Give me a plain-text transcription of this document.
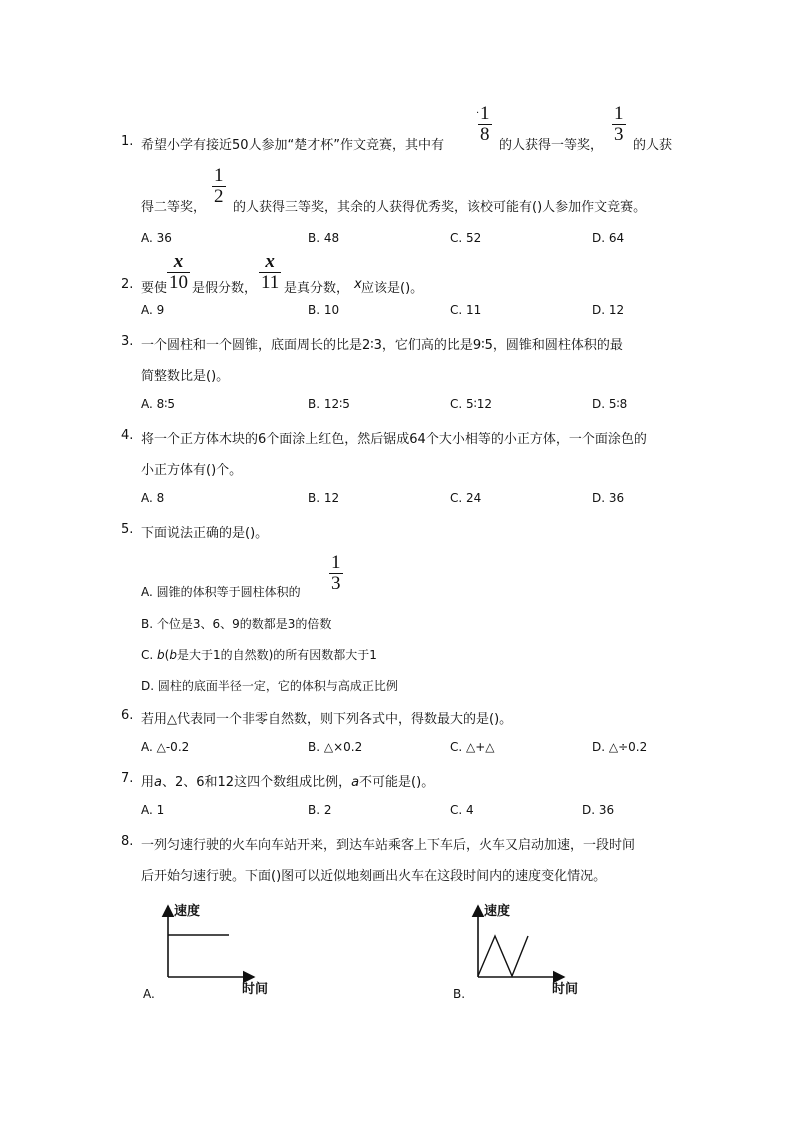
1. 希望小学有接近50人参加“楚才杯”作文竞赛，其中有
·
$\frac{1}{8}$
的人获得一等奖，
$\frac{1}{3}$
的人获
得二等奖，
$\frac{1}{2}$
的人获得三等奖，其余的人获得优秀奖，该校可能有()人参加作文竞赛。
A. 36	B. 48	C. 52	D. 64
2. 要使 $\frac{x}{10}$ 是假分数， $\frac{x}{11}$ 是真分数， x 应该是()。
A. 9	B. 10	C. 11	D. 12
3. 一个圆柱和一个圆锥，底面周长的比是2∶3，它们高的比是9∶5，圆锥和圆柱体积的最
简整数比是()。
A. 8∶5	B. 12∶5	C. 5∶12	D. 5∶8
4. 将一个正方体木块的6个面涂上红色，然后锯成64个大小相等的小正方体，一个面涂色的
小正方体有()个。
A. 8	B. 12	C. 24	D. 36
5. 下面说法正确的是()。
A. 圆锥的体积等于圆柱体积的 $\frac{1}{3}$
B. 个位是3、6、9的数都是3的倍数
C. b(b是大于1的自然数)的所有因数都大于1
D. 圆柱的底面半径一定，它的体积与高成正比例
6. 若用△代表同一个非零自然数，则下列各式中，得数最大的是()。
A. △-0.2	B. △×0.2	C. △+△	D. △÷0.2
7. 用a、2、6和12这四个数组成比例，a不可能是()。
A. 1	B. 2	C. 4	D. 36
8. 一列匀速行驶的火车向车站开来，到达车站乘客上下车后，火车又启动加速，一段时间
后开始匀速行驶。下面()图可以近似地刻画出火车在这段时间内的速度变化情况。
速度
时间
A.
速度
时间
B.
